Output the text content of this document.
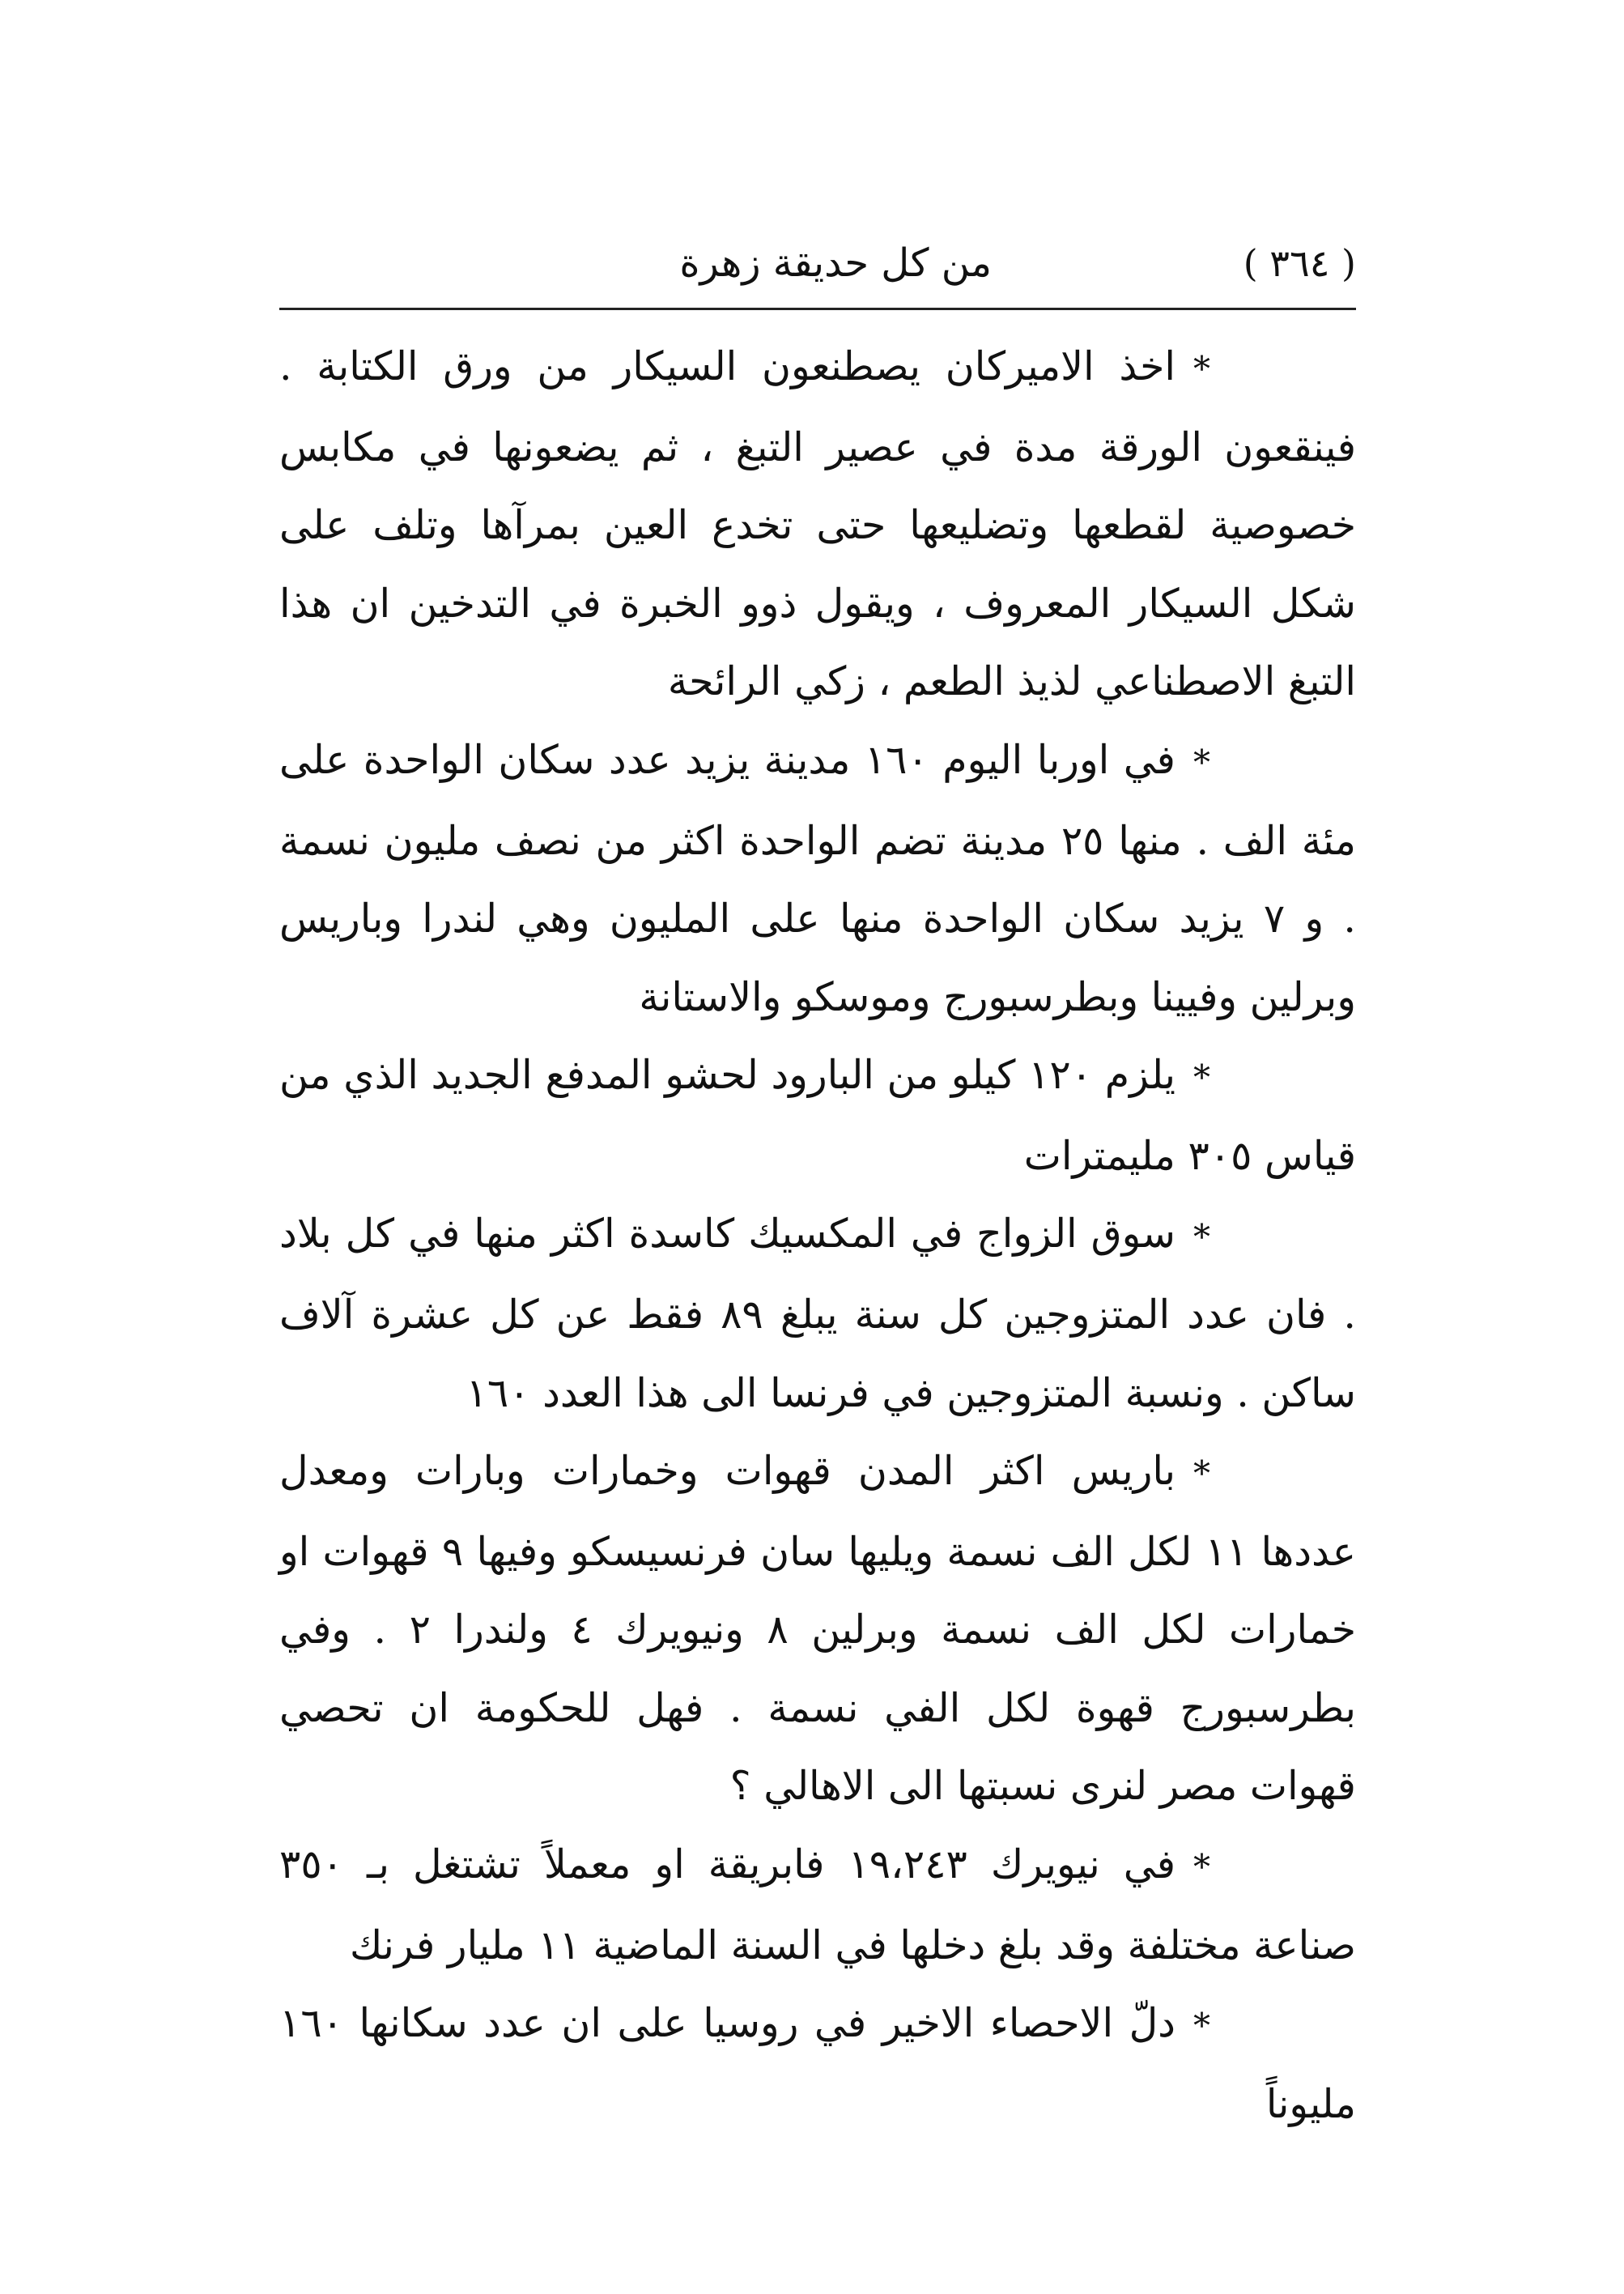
( ٣٦٤ )
من كل حديقة زهرة

*اخذ الاميركان يصطنعون السيكار من ورق الكتابة . فينقعون الورقة مدة في عصير التبغ ، ثم يضعونها في مكابس خصوصية لقطعها وتضليعها حتى تخدع العين بمرآها وتلف على شكل السيكار المعروف ، ويقول ذوو الخبرة في التدخين ان هذا التبغ الاصطناعي لذيذ الطعم ، زكي الرائحة

*في اوربا اليوم ١٦٠ مدينة يزيد عدد سكان الواحدة على مئة الف . منها ٢٥ مدينة تضم الواحدة اكثر من نصف مليون نسمة . و ٧ يزيد سكان الواحدة منها على المليون وهي لندرا وباريس وبرلين وفيينا وبطرسبورج وموسكو والاستانة

*يلزم ١٢٠ كيلو من البارود لحشو المدفع الجديد الذي من قياس ٣٠٥ مليمترات

*سوق الزواج في المكسيك كاسدة اكثر منها في كل بلاد . فان عدد المتزوجين كل سنة يبلغ ٨٩ فقط عن كل عشرة آلاف ساكن . ونسبة المتزوجين في فرنسا الى هذا العدد ١٦٠

*باريس اكثر المدن قهوات وخمارات وبارات ومعدل عددها ١١ لكل الف نسمة ويليها سان فرنسيسكو وفيها ٩ قهوات او خمارات لكل الف نسمة وبرلين ٨ ونيويرك ٤ ولندرا ٢ . وفي بطرسبورج قهوة لكل الفي نسمة . فهل للحكومة ان تحصي قهوات مصر لنرى نسبتها الى الاهالي ؟

*في نيويرك ١٩،٢٤٣ فابريقة او معملاً تشتغل بـ ٣٥٠ صناعة مختلفة وقد بلغ دخلها في السنة الماضية ١١ مليار فرنك

*دلّ الاحصاء الاخير في روسيا على ان عدد سكانها ١٦٠ مليوناً
